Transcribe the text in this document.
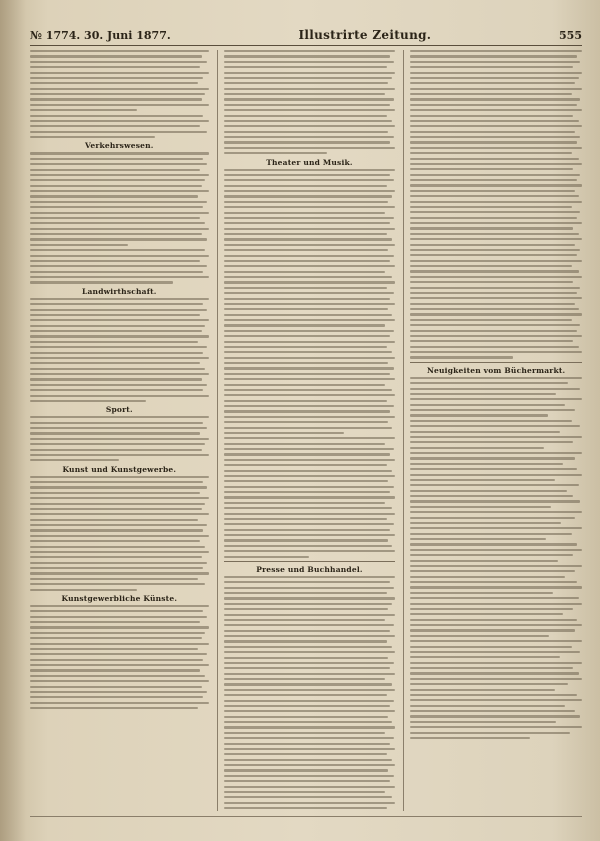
№ 1774. 30. Juni 1877.	Illustrirte Zeitung.	555
Verkehrswesen.
Landwirthschaft.
Sport.
Kunst und Kunstgewerbe.
Kunstgewerbliche Künste.
Theater und Musik.
Presse und Buchhandel.
Neuigkeiten vom Büchermarkt.
